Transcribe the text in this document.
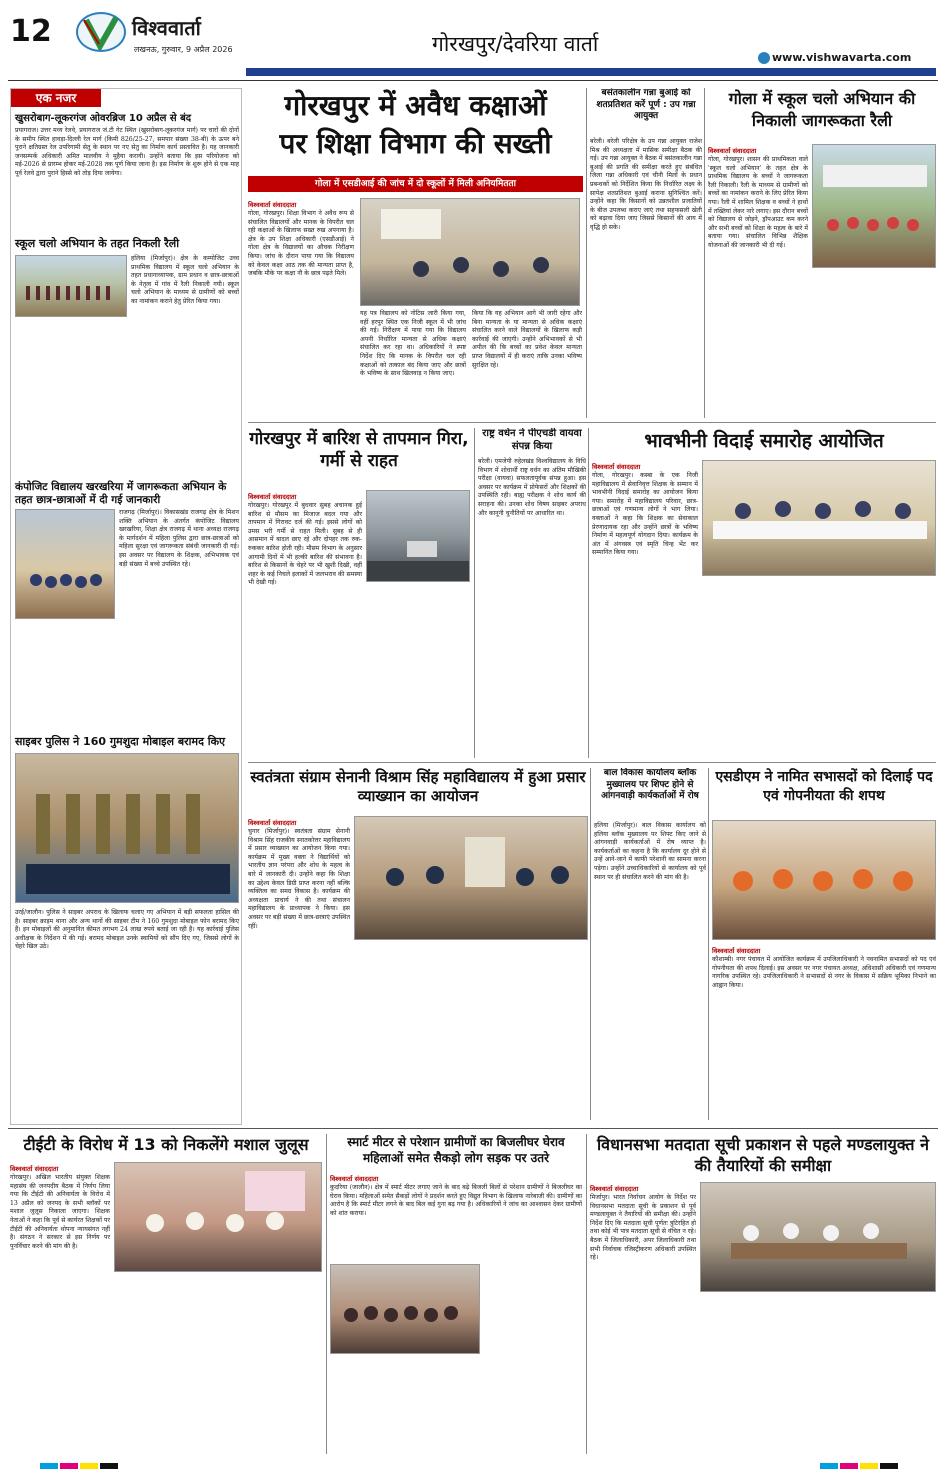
12	विश्ववार्ता
लखनऊ, गुरुवार, 9 अप्रैल 2026	गोरखपुर/देवरिया वार्ता
www.vishwavarta.com
एक नजर
खुसरोबाग-लूकरगंज ओवरब्रिज 10 अप्रैल से बंद
प्रयागराज। उत्तर मध्य रेलवे, प्रयागराज जं.टी गेट स्थित (खुसरोबाग-लूकरगंज मार्ग) पर चारों की दोनों के समीप स्थित हावड़ा-दिल्ली रेल मार्ग (किमी 826/25-27, समपार संख्या 38-बी) के ऊपर बने पुराने क्षतिग्रस्त रेल उपरिगामी सेतु के स्थान पर नए सेतु का निर्माण कार्य प्रस्तावित है। यह जानकारी जनसम्पर्क अधिकारी अमित मालवीय ने मुहैया करायी। उन्होंने बताया कि इस परियोजना को मई-2026 से प्रारम्भ होकर मई-2028 तक पूर्ण किया जाना है। इस निर्माण के शुरू होने से एक माह पूर्व रेलवे द्वारा पुराने हिस्से को तोड़ दिया जायेगा।
स्कूल चलो अभियान के तहत निकली रैली
हलिया (मिर्जापुर)। क्षेत्र के कम्पोजिट उच्च प्राथमिक विद्यालय में स्कूल चलो अभियान के तहत प्रधानाध्यापक, ग्राम प्रधान व छात्र-छात्राओं के नेतृत्व में गांव में रैली निकाली गयी। स्कूल चलो अभियान के माध्यम से ग्रामीणों को बच्चों का नामांकन कराने हेतु प्रेरित किया गया।
कंपोजिट विद्यालय खरखरिया में जागरूकता अभियान के तहत छात्र-छात्राओं में दी गई जानकारी
राजगढ़ (मिर्जापुर)। विकासखंड राजगढ़ क्षेत्र के मिशन शक्ति अभियान के अंतर्गत कंपोजिट विद्यालय खरखरिया, शिक्षा क्षेत्र राजगढ़ में थाना अध्यक्ष राजगढ़ के मार्गदर्शन में महिला पुलिस द्वारा छात्र-छात्राओं को महिला सुरक्षा एवं जागरूकता संबंधी जानकारी दी गई। इस अवसर पर विद्यालय के शिक्षक, अभिभावक एवं बड़ी संख्या में बच्चे उपस्थित रहे।
साइबर पुलिस ने 160 गुमशुदा मोबाइल बरामद किए
उरई/जालौन। पुलिस ने साइबर अपराध के खिलाफ चलाए गए अभियान में बड़ी सफलता हासिल की है। साइबर क्राइम थाना और अन्य थानों की साइबर टीम ने 160 गुमशुदा मोबाइल फोन बरामद किए हैं। इन मोबाइलों की अनुमानित कीमत लगभग 24 लाख रुपये बताई जा रही है। यह कार्रवाई पुलिस अधीक्षक के निर्देशन में की गई। बरामद मोबाइल उनके स्वामियों को सौंप दिए गए, जिससे लोगों के चेहरे खिल उठे।
गोरखपुर में अवैध कक्षाओं
पर शिक्षा विभाग की सख्ती
गोला में एसडीआई की जांच में दो स्कूलों में मिली अनियमितता
विश्ववार्ता संवाददाता
गोला, गोरखपुर। शिक्षा विभाग ने अवैध रूप से संचालित विद्यालयों और मानक के विपरीत चल रही कक्षाओं के खिलाफ सख्त रुख अपनाया है। क्षेत्र के उप शिक्षा अधिकारी (एसडीआई) ने गोला क्षेत्र के विद्यालयों का औचक निरीक्षण किया। जांच के दौरान पाया गया कि विद्यालय को केवल कक्षा आठ तक की मान्यता प्राप्त है, जबकि मौके पर कक्षा नौ के छात्र पढ़ते मिले।
यह पत्र विद्यालय को नोटिस जारी किया गया, वहीं हरपुर स्थित एक निजी स्कूल में भी जांच की गई। निरीक्षण में पाया गया कि विद्यालय अपनी निर्धारित मान्यता से अधिक कक्षाएं संचालित कर रहा था। अधिकारियों ने स्पष्ट निर्देश दिए कि मानक के विपरीत चल रही कक्षाओं को तत्काल बंद किया जाए और छात्रों के भविष्य के साथ खिलवाड़ न किया जाए।
किया कि यह अभियान आगे भी जारी रहेगा और बिना मान्यता के या मान्यता से अधिक कक्षाएं संचालित करने वाले विद्यालयों के खिलाफ कड़ी कार्रवाई की जाएगी। उन्होंने अभिभावकों से भी अपील की कि बच्चों का प्रवेश केवल मान्यता प्राप्त विद्यालयों में ही कराएं ताकि उनका भविष्य सुरक्षित रहे।
बसंतकालीन गन्ना बुआई को शतप्रतिशत करें पूर्ण : उप गन्ना आयुक्त
बरेली। बरेली परिक्षेत्र के उप गन्ना आयुक्त राजेश मिश्र की अध्यक्षता में मासिक समीक्षा बैठक की गई। उप गन्ना आयुक्त ने बैठक में बसंतकालीन गन्ना बुआई की प्रगति की समीक्षा करते हुए संबंधित जिला गन्ना अधिकारी एवं चीनी मिलों के प्रधान प्रबन्धकों को निर्देशित किया कि निर्धारित लक्ष्य के सापेक्ष शतप्रतिशत बुआई कराना सुनिश्चित करें। उन्होंने कहा कि किसानों को उन्नतशील प्रजातियों के बीज उपलब्ध कराए जाएं तथा सहफसली खेती को बढ़ावा दिया जाए जिससे किसानों की आय में वृद्धि हो सके।
गोला में स्कूल चलो अभियान की निकाली जागरूकता रैली
विश्ववार्ता संवाददाता
गोला, गोरखपुर। शासन की प्राथमिकता वाले 'स्कूल चलो अभियान' के तहत क्षेत्र के प्राथमिक विद्यालय के बच्चों ने जागरूकता रैली निकाली। रैली के माध्यम से ग्रामीणों को बच्चों का नामांकन कराने के लिए प्रेरित किया गया। रैली में शामिल शिक्षक व बच्चों ने हाथों में तख्तियां लेकर नारे लगाए। इस दौरान बच्चों को विद्यालय से जोड़ने, ड्रॉपआउट कम करने और सभी बच्चों को शिक्षा के महत्व के बारे में बताया गया। संचालित विभिन्न शैक्षिक योजनाओं की जानकारी भी दी गई।
गोरखपुर में बारिश से तापमान गिरा, गर्मी से राहत
विश्ववार्ता संवाददाता
गोरखपुर। गोरखपुर में बुधवार सुबह अचानक हुई बारिश से मौसम का मिजाज बदल गया और तापमान में गिरावट दर्ज की गई। इससे लोगों को उमस भरी गर्मी से राहत मिली। सुबह से ही आसमान में बादल छाए रहे और दोपहर तक रुक-रुककर बारिश होती रही। मौसम विभाग के अनुसार आगामी दिनों में भी हल्की बारिश की संभावना है। बारिश से किसानों के चेहरे पर भी खुशी दिखी, वहीं शहर के कई निचले इलाकों में जलभराव की समस्या भी देखी गई।
राष्ट्र वर्धन ने पीएचडी वायवा संपन्न किया
बरेली। एमजेपी रुहेलखंड विश्वविद्यालय के विधि विभाग में शोधार्थी राष्ट्र वर्धन का अंतिम मौखिकी परीक्षा (वायवा) सफलतापूर्वक संपन्न हुआ। इस अवसर पर कार्यक्रम में प्रोफेसरों और शिक्षकों की उपस्थिति रही। बाह्य परीक्षक ने शोध कार्य की सराहना की। उनका शोध विषय साइबर अपराध और कानूनी चुनौतियों पर आधारित था।
भावभीनी विदाई समारोह आयोजित
विश्ववार्ता संवाददाता
गोला, गोरखपुर। कस्बा के एक निजी महाविद्यालय में सेवानिवृत्त शिक्षक के सम्मान में भावभीनी विदाई समारोह का आयोजन किया गया। समारोह में महाविद्यालय परिवार, छात्र-छात्राओं एवं गणमान्य लोगों ने भाग लिया। वक्ताओं ने कहा कि शिक्षक का सेवाकाल प्रेरणादायक रहा और उन्होंने छात्रों के भविष्य निर्माण में महत्वपूर्ण योगदान दिया। कार्यक्रम के अंत में अंगवस्त्र एवं स्मृति चिन्ह भेंट कर सम्मानित किया गया।
स्वतंत्रता संग्राम सेनानी विश्राम सिंह महाविद्यालय में हुआ प्रसार व्याख्यान का आयोजन
विश्ववार्ता संवाददाता
चुनार (मिर्जापुर)। स्वतंत्रता संग्राम सेनानी विश्राम सिंह राजकीय स्नातकोत्तर महाविद्यालय में प्रसार व्याख्यान का आयोजन किया गया। कार्यक्रम में मुख्य वक्ता ने विद्यार्थियों को भारतीय ज्ञान परंपरा और शोध के महत्व के बारे में जानकारी दी। उन्होंने कहा कि शिक्षा का उद्देश्य केवल डिग्री प्राप्त करना नहीं बल्कि व्यक्तित्व का समग्र विकास है। कार्यक्रम की अध्यक्षता प्राचार्य ने की तथा संचालन महाविद्यालय के प्राध्यापक ने किया। इस अवसर पर बड़ी संख्या में छात्र-छात्राएं उपस्थित रहीं।
बाल विकास कार्यालय ब्लॉक मुख्यालय पर शिफ्ट होने से आंगनवाड़ी कार्यकर्ताओं में रोष
हलिया (मिर्जापुर)। बाल विकास कार्यालय को हलिया ब्लॉक मुख्यालय पर शिफ्ट किए जाने से आंगनवाड़ी कार्यकर्ताओं में रोष व्याप्त है। कार्यकर्ताओं का कहना है कि कार्यालय दूर होने से उन्हें आने-जाने में काफी परेशानी का सामना करना पड़ेगा। उन्होंने उच्चाधिकारियों से कार्यालय को पूर्व स्थान पर ही संचालित करने की मांग की है।
एसडीएम ने नामित सभासदों को दिलाई पद एवं गोपनीयता की शपथ
विश्ववार्ता संवाददाता
कौशाम्बी। नगर पंचायत में आयोजित कार्यक्रम में उपजिलाधिकारी ने नवनामित सभासदों को पद एवं गोपनीयता की शपथ दिलाई। इस अवसर पर नगर पंचायत अध्यक्ष, अधिशासी अधिकारी एवं गणमान्य नागरिक उपस्थित रहे। उपजिलाधिकारी ने सभासदों से नगर के विकास में सक्रिय भूमिका निभाने का आह्वान किया।
टीईटी के विरोध में 13 को निकलेंगे मशाल जुलूस
विश्ववार्ता संवाददाता
गोरखपुर। अखिल भारतीय संयुक्त शिक्षक महासंघ की जनपदीय बैठक में निर्णय लिया गया कि टीईटी की अनिवार्यता के विरोध में 13 अप्रैल को जनपद के सभी ब्लॉकों पर मशाल जुलूस निकाला जाएगा। शिक्षक नेताओं ने कहा कि पूर्व से कार्यरत शिक्षकों पर टीईटी की अनिवार्यता थोपना न्यायसंगत नहीं है। संगठन ने सरकार से इस निर्णय पर पुनर्विचार करने की मांग की है।
स्मार्ट मीटर से परेशान ग्रामीणों का बिजलीघर घेराव महिलाओं समेत सैकड़ो लोग सड़क पर उतरे
विश्ववार्ता संवाददाता
कुदरिया (जालौन)। क्षेत्र में स्मार्ट मीटर लगाए जाने के बाद बढ़े बिजली बिलों से परेशान ग्रामीणों ने बिजलीघर का घेराव किया। महिलाओं समेत सैकड़ों लोगों ने प्रदर्शन करते हुए विद्युत विभाग के खिलाफ नारेबाजी की। ग्रामीणों का आरोप है कि स्मार्ट मीटर लगने के बाद बिल कई गुना बढ़ गया है। अधिकारियों ने जांच का आश्वासन देकर ग्रामीणों को शांत कराया।
विधानसभा मतदाता सूची प्रकाशन से पहले मण्डलायुक्त ने की तैयारियों की समीक्षा
विश्ववार्ता संवाददाता
मिर्जापुर। भारत निर्वाचन आयोग के निर्देश पर विधानसभा मतदाता सूची के प्रकाशन से पूर्व मण्डलायुक्त ने तैयारियों की समीक्षा की। उन्होंने निर्देश दिए कि मतदाता सूची पूर्णतः त्रुटिरहित हो तथा कोई भी पात्र मतदाता सूची से वंचित न रहे। बैठक में जिलाधिकारी, अपर जिलाधिकारी तथा सभी निर्वाचक रजिस्ट्रीकरण अधिकारी उपस्थित रहे।
